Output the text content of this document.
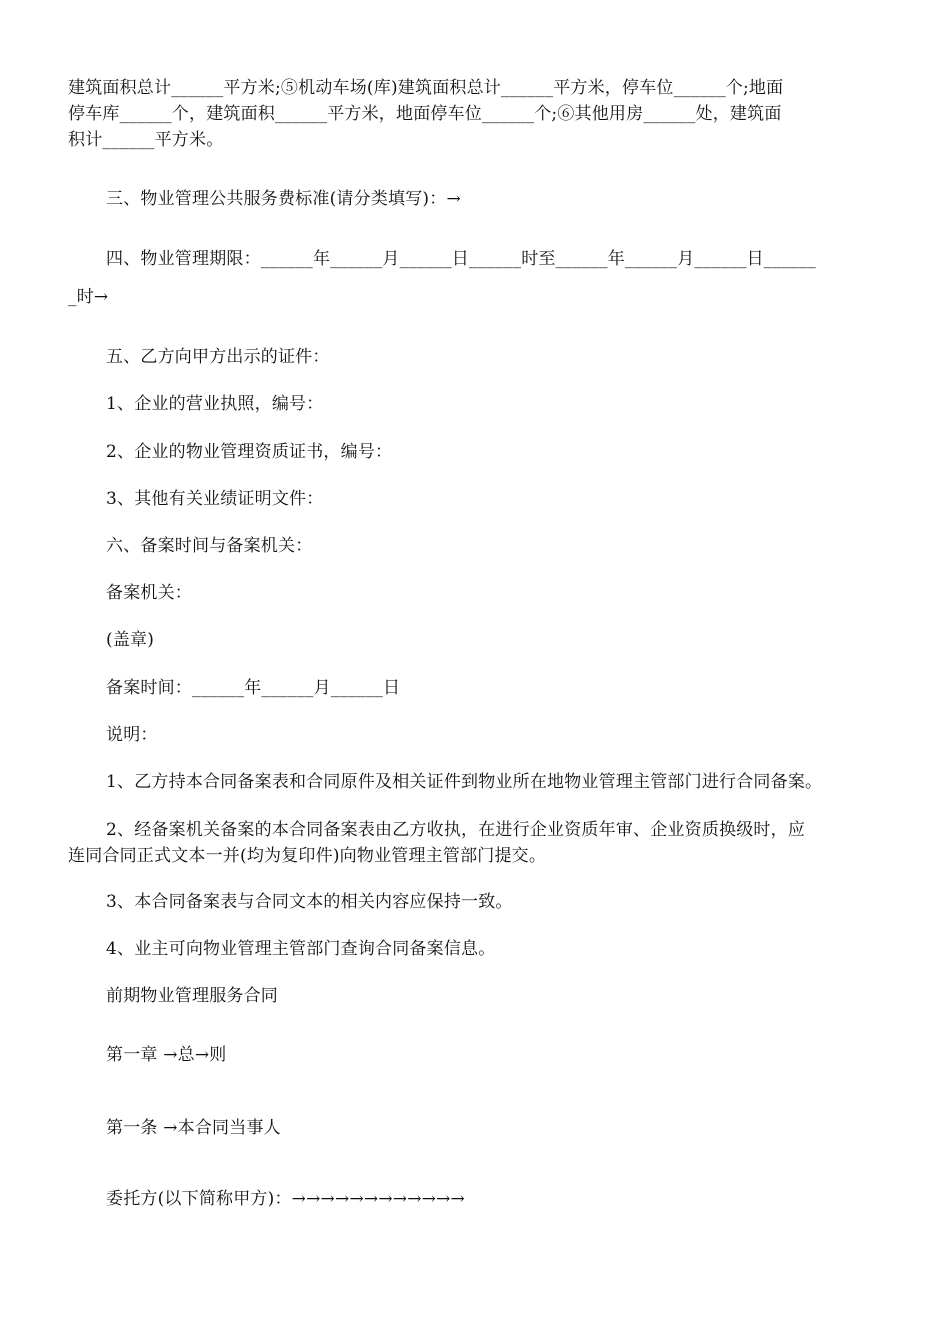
建筑面积总计______平方米;⑤机动车场(库)建筑面积总计______平方米，停车位______个;地面
停车库______个，建筑面积______平方米，地面停车位______个;⑥其他用房______处，建筑面
积计______平方米。
三、物业管理公共服务费标准(请分类填写)：→
四、物业管理期限：______年______月______日______时至______年______月______日______
_时→
五、乙方向甲方出示的证件：
1、企业的营业执照，编号：
2、企业的物业管理资质证书，编号：
3、其他有关业绩证明文件：
六、备案时间与备案机关：
备案机关：
(盖章)
备案时间：______年______月______日
说明：
1、乙方持本合同备案表和合同原件及相关证件到物业所在地物业管理主管部门进行合同备案。
2、经备案机关备案的本合同备案表由乙方收执，在进行企业资质年审、企业资质换级时，应
连同合同正式文本一并(均为复印件)向物业管理主管部门提交。
3、本合同备案表与合同文本的相关内容应保持一致。
4、业主可向物业管理主管部门查询合同备案信息。
前期物业管理服务合同
第一章 →总→则
第一条 →本合同当事人
委托方(以下简称甲方)：→→→→→→→→→→→→
